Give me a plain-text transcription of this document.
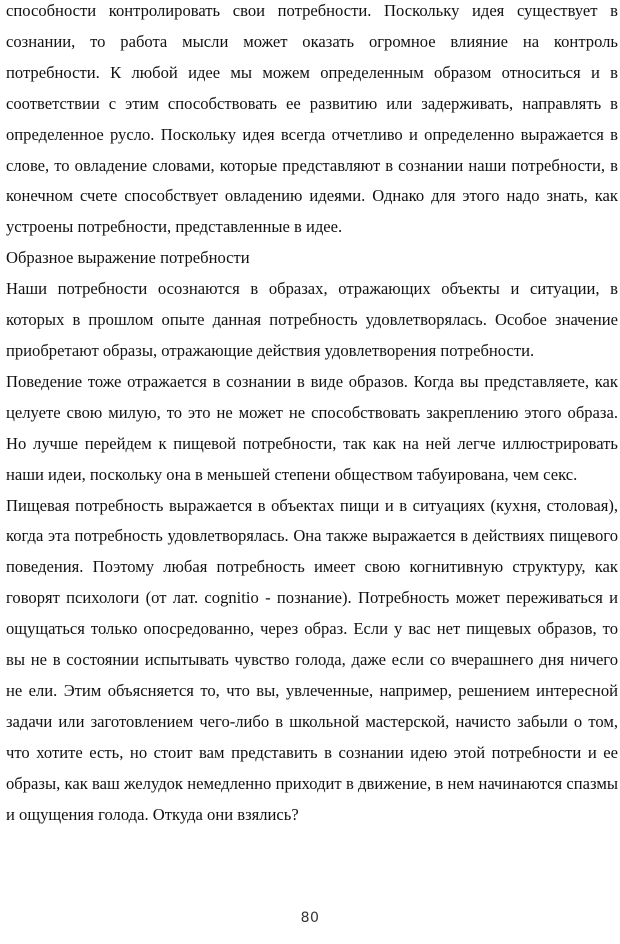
способности контролировать свои потребности. Поскольку идея существует в сознании, то работа мысли может оказать огромное влияние на контроль потребности. К любой идее мы можем определенным образом относиться и в соответствии с этим способствовать ее развитию или задерживать, направлять в определенное русло. Поскольку идея всегда отчетливо и определенно выражается в слове, то овладение словами, которые представляют в сознании наши потребности, в конечном счете способствует овладению идеями. Однако для этого надо знать, как устроены потребности, представленные в идее.

Образное выражение потребности

Наши потребности осознаются в образах, отражающих объекты и ситуации, в которых в прошлом опыте данная потребность удовлетворялась. Особое значение приобретают образы, отражающие действия удовлетворения потребности.

Поведение тоже отражается в сознании в виде образов. Когда вы представляете, как целуете свою милую, то это не может не способствовать закреплению этого образа. Но лучше перейдем к пищевой потребности, так как на ней легче иллюстрировать наши идеи, поскольку она в меньшей степени обществом табуирована, чем секс.

Пищевая потребность выражается в объектах пищи и в ситуациях (кухня, столовая), когда эта потребность удовлетворялась. Она также выражается в действиях пищевого поведения. Поэтому любая потребность имеет свою когнитивную структуру, как говорят психологи (от лат. cognitio - познание). Потребность может переживаться и ощущаться только опосредованно, через образ. Если у вас нет пищевых образов, то вы не в состоянии испытывать чувство голода, даже если со вчерашнего дня ничего не ели. Этим объясняется то, что вы, увлеченные, например, решением интересной задачи или заготовлением чего-либо в школьной мастерской, начисто забыли о том, что хотите есть, но стоит вам представить в сознании идею этой потребности и ее образы, как ваш желудок немедленно приходит в движение, в нем начинаются спазмы и ощущения голода. Откуда они взялись?

80
